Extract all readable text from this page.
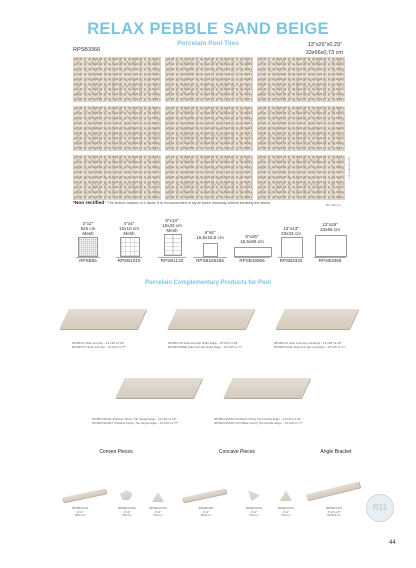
RELAX PEBBLE SAND BEIGE
Porcelain Pool Tiles
RPSB3366
13"x26"x0,29"
33x66x0,73 cm
13 x 26 13 x 26
*Non rectified * The texture rotation of 4 faces. It is recommended to lay all faces randomly without breaking the series.	50 x 90 cm
2"x2"
5x5 cm
Mesh
RPSB55
4"x4"
10x10 cm
Mesh
RPSB1010
6"x13"
15x33 cm
Mesh
RPSB1133
6"x6"
16,5x16,5 cm
RPSB165165
6"x26"
16,5x66 cm
RPSB16566
13"x13"
33x33 cm
RPSB3333
13"x26"
33x66 cm
RPSB3366
Porcelain Complementary Products for Pool
RPSBCO Stair Anti-slip - 13"x26"x1,29"
RPSBCOT Stair Anti-slip - 13"x26"x1,??"
RPSBCOR Stair Anti-slip Right Edge - 13"x26"x1,29"
RPSBCORDE Stair Anti-slip Right Edge - 13"x26"x1,??"
RPSBCOL Stair Anti-slip Left Edge - 13"x26"x1,29"
RPSBCOLDE Stair Anti-slip Left Edge - 13"x26"x1,??"
RPSBCISNSE SINGLE Infinity Tile Single Edge - 13"x26"x1,29"
RPSBCISNSET SINGLE Infinity Tile Single Edge - 13"x26"x1,??"
RPSBCISNDE DOUBLE Infinity Tile Double Edge - 13"x26"x1,29"
RPSBCISNDET DOUBLE Infinity Tile Double Edge - 13"x26"x1,??"
Convex Pieces	Concave Pieces	Angle Bracket
RPSBCOCN
2"x2"
66x5 cm
RPSBCOCNA
2"x2"
5x5 cm
RPSBCOCNV
2"x2"
5x5 cm
RPSBCOIN
2"x2"
66x5 cm
RPSBCOINA
2"x2"
5x5 cm
RPSBCOINV
2"x2"
5x5 cm
RPSBCOCN
2"x2"x1,5"
66x5x3 cm
R11
44
